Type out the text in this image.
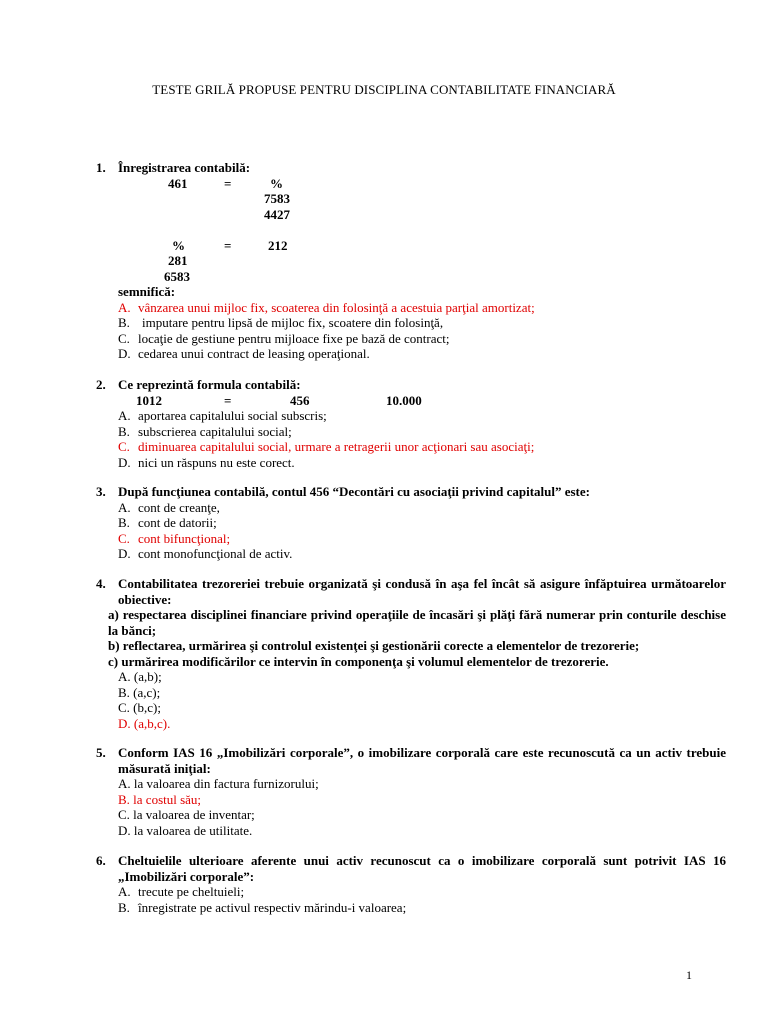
TESTE GRILĂ PROPUSE PENTRU DISCIPLINA CONTABILITATE FINANCIARĂ
1. Înregistrarea contabilă:
461	=	%
7583
4427
%	=	212
281
6583
semnifică:
A. vânzarea unui mijloc fix, scoaterea din folosinţă a acestuia parţial amortizat;
B. imputare pentru lipsă de mijloc fix, scoatere din folosinţă,
C. locaţie de gestiune pentru mijloace fixe pe bază de contract;
D. cedarea unui contract de leasing operaţional.
2. Ce reprezintă formula contabilă:
1012	=	456	10.000
A. aportarea capitalului social subscris;
B. subscrierea capitalului social;
C. diminuarea capitalului social, urmare a retragerii unor acţionari sau asociaţi;
D. nici un răspuns nu este corect.
3. După funcţiunea contabilă, contul 456 “Decontări cu asociaţii privind capitalul” este:
A. cont de creanţe,
B. cont de datorii;
C. cont bifuncţional;
D. cont monofuncţional de activ.
4. Contabilitatea trezoreriei trebuie organizată şi condusă în aşa fel încât să asigure înfăptuirea următoarelor obiective:
a) respectarea disciplinei financiare privind operaţiile de încasări şi plăţi fără numerar prin conturile deschise la bănci;
b) reflectarea, urmărirea şi controlul existenţei şi gestionării corecte a elementelor de trezorerie;
c) urmărirea modificărilor ce intervin în componenţa şi volumul elementelor de trezorerie.
A. (a,b);
B. (a,c);
C. (b,c);
D. (a,b,c).
5. Conform IAS 16 „Imobilizări corporale”, o imobilizare corporală care este recunoscută ca un activ trebuie măsurată iniţial:
A. la valoarea din factura furnizorului;
B. la costul său;
C. la valoarea de inventar;
D. la valoarea de utilitate.
6. Cheltuielile ulterioare aferente unui activ recunoscut ca o imobilizare corporală sunt potrivit IAS 16 „Imobilizări corporale”:
A. trecute pe cheltuieli;
B. înregistrate pe activul respectiv mărindu-i valoarea;
1
